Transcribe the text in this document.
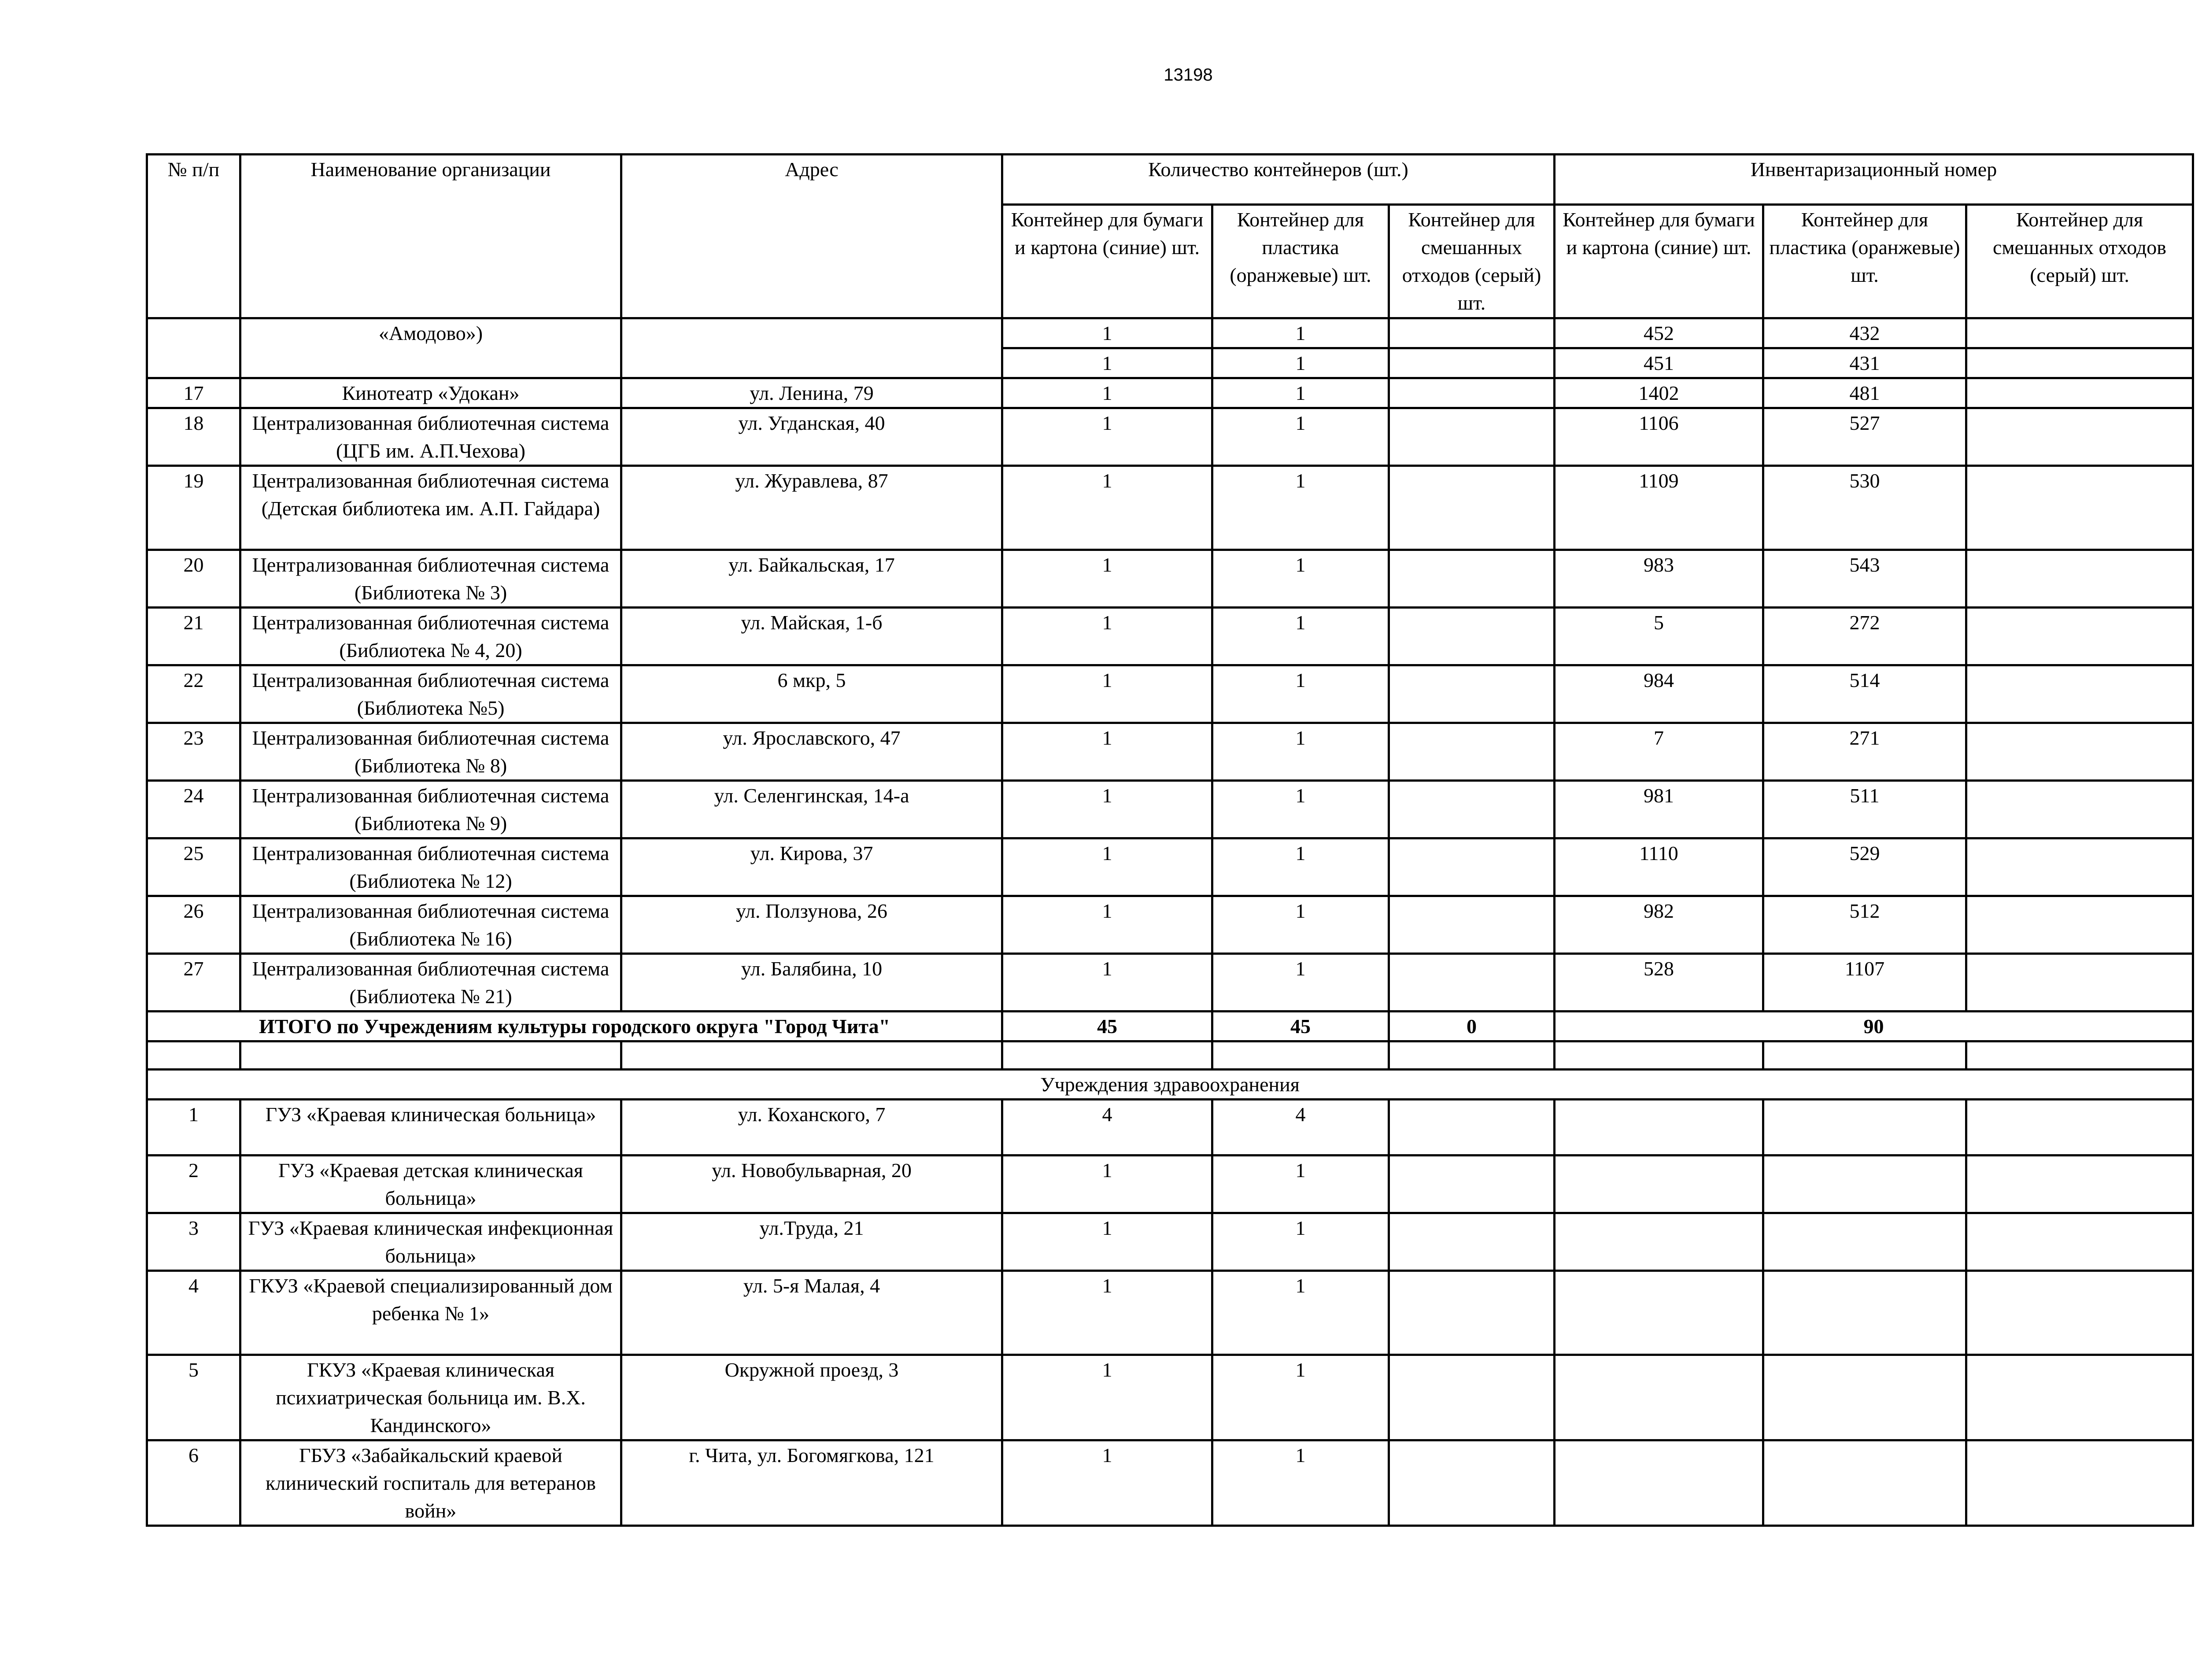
13198
№ п/п	Наименование организации	Адрес	Количество контейнеров (шт.)			Инвентаризационный номер		
			Контейнер для бумаги и картона (синие) шт.	Контейнер для пластика (оранжевые) шт.	Контейнер для смешанных отходов (серый) шт.	Контейнер для бумаги и картона (синие) шт.	Контейнер для пластика (оранжевые) шт.	Контейнер для смешанных отходов (серый) шт.
	«Амодово»)		1	1		452	432	
			1	1		451	431	
17	Кинотеатр «Удокан»	ул. Ленина, 79	1	1		1402	481	
18	Централизованная библиотечная система (ЦГБ им. А.П.Чехова)	ул. Угданская, 40	1	1		1106	527	
19	Централизованная библиотечная система (Детская библиотека им. А.П. Гайдара)	ул. Журавлева, 87	1	1		1109	530	
20	Централизованная библиотечная система (Библиотека № 3)	ул. Байкальская, 17	1	1		983	543	
21	Централизованная библиотечная система (Библиотека № 4, 20)	ул. Майская, 1-б	1	1		5	272	
22	Централизованная библиотечная система (Библиотека №5)	6 мкр, 5	1	1		984	514	
23	Централизованная библиотечная система (Библиотека № 8)	ул. Ярославского, 47	1	1		7	271	
24	Централизованная библиотечная система (Библиотека № 9)	ул. Селенгинская, 14-а	1	1		981	511	
25	Централизованная библиотечная система (Библиотека № 12)	ул. Кирова, 37	1	1		1110	529	
26	Централизованная библиотечная система (Библиотека № 16)	ул. Ползунова, 26	1	1		982	512	
27	Централизованная библиотечная система (Библиотека № 21)	ул. Балябина, 10	1	1		528	1107	
ИТОГО по Учреждениям культуры городского округа "Город Чита"			45	45	0	90		

Учреждения здравоохранения								
1	ГУЗ «Краевая клиническая больница»	ул. Коханского, 7	4	4				
2	ГУЗ «Краевая детская клиническая больница»	ул. Новобульварная, 20	1	1				
3	ГУЗ «Краевая клиническая инфекционная больница»	ул.Труда, 21	1	1				
4	ГКУЗ «Краевой специализированный дом ребенка № 1»	ул. 5-я Малая, 4	1	1				
5	ГКУЗ «Краевая клиническая психиатрическая больница им. В.Х. Кандинского»	Окружной проезд, 3	1	1				
6	ГБУЗ «Забайкальский краевой клинический госпиталь для ветеранов войн»	г. Чита, ул. Богомягкова, 121	1	1				
